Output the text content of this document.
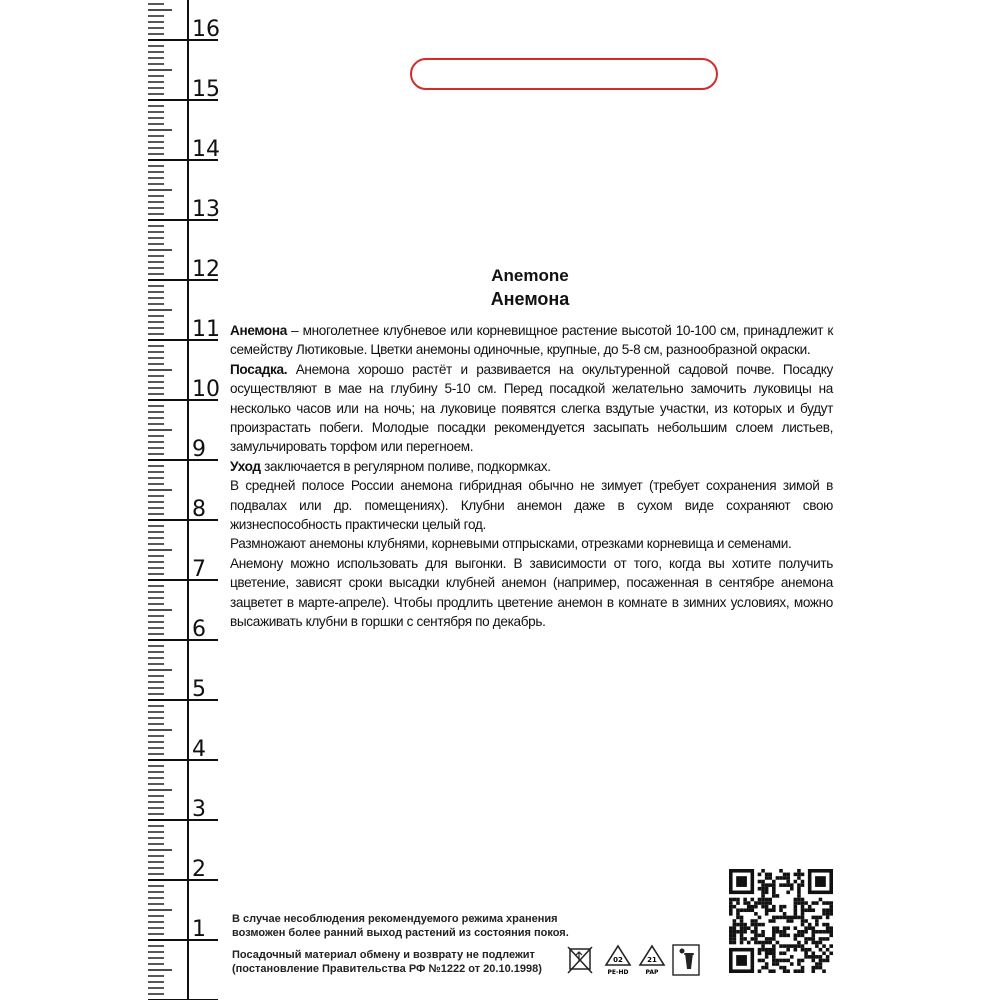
16
15
14
13
12
11
10
9
8
7
6
5
4
3
2
1
Anemone
Анемона

Анемона – многолетнее клубневое или корневищное растение высотой 10-100 см, принадлежит к семейству Лютиковые. Цветки анемоны одиночные, крупные, до 5-8 см, разнообразной окраски.

Посадка. Анемона хорошо растёт и развивается на окультуренной садовой почве. Посадку осуществляют в мае на глубину 5-10 см. Перед посадкой желательно замочить луковицы на несколько часов или на ночь; на луковице появятся слегка вздутые участки, из которых и будут произрастать побеги. Молодые посадки рекомендуется засыпать небольшим слоем листьев, замульчировать торфом или перегноем.

Уход заключается в регулярном поливе, подкормках.

В средней полосе России анемона гибридная обычно не зимует (требует сохранения зимой в подвалах или др. помещениях). Клубни анемон даже в сухом виде сохраняют свою жизнеспособность практически целый год.

Размножают анемоны клубнями, корневыми отпрысками, отрезками корневища и семенами.

Анемону можно использовать для выгонки. В зависимости от того, когда вы хотите получить цветение, зависят сроки высадки клубней анемон (например, посаженная в сентябре анемона зацветет в марте-апреле). Чтобы продлить цветение анемон в комнате в зимних условиях, можно высаживать клубни в горшки с сентября по декабрь.

В случае несоблюдения рекомендуемого режима хранения
возможен более ранний выход растений из состояния покоя.
Посадочный материал обмену и возврату не подлежит
(постановление Правительства РФ №1222 от 20.10.1998)
02
PE-HD
21
PAP
